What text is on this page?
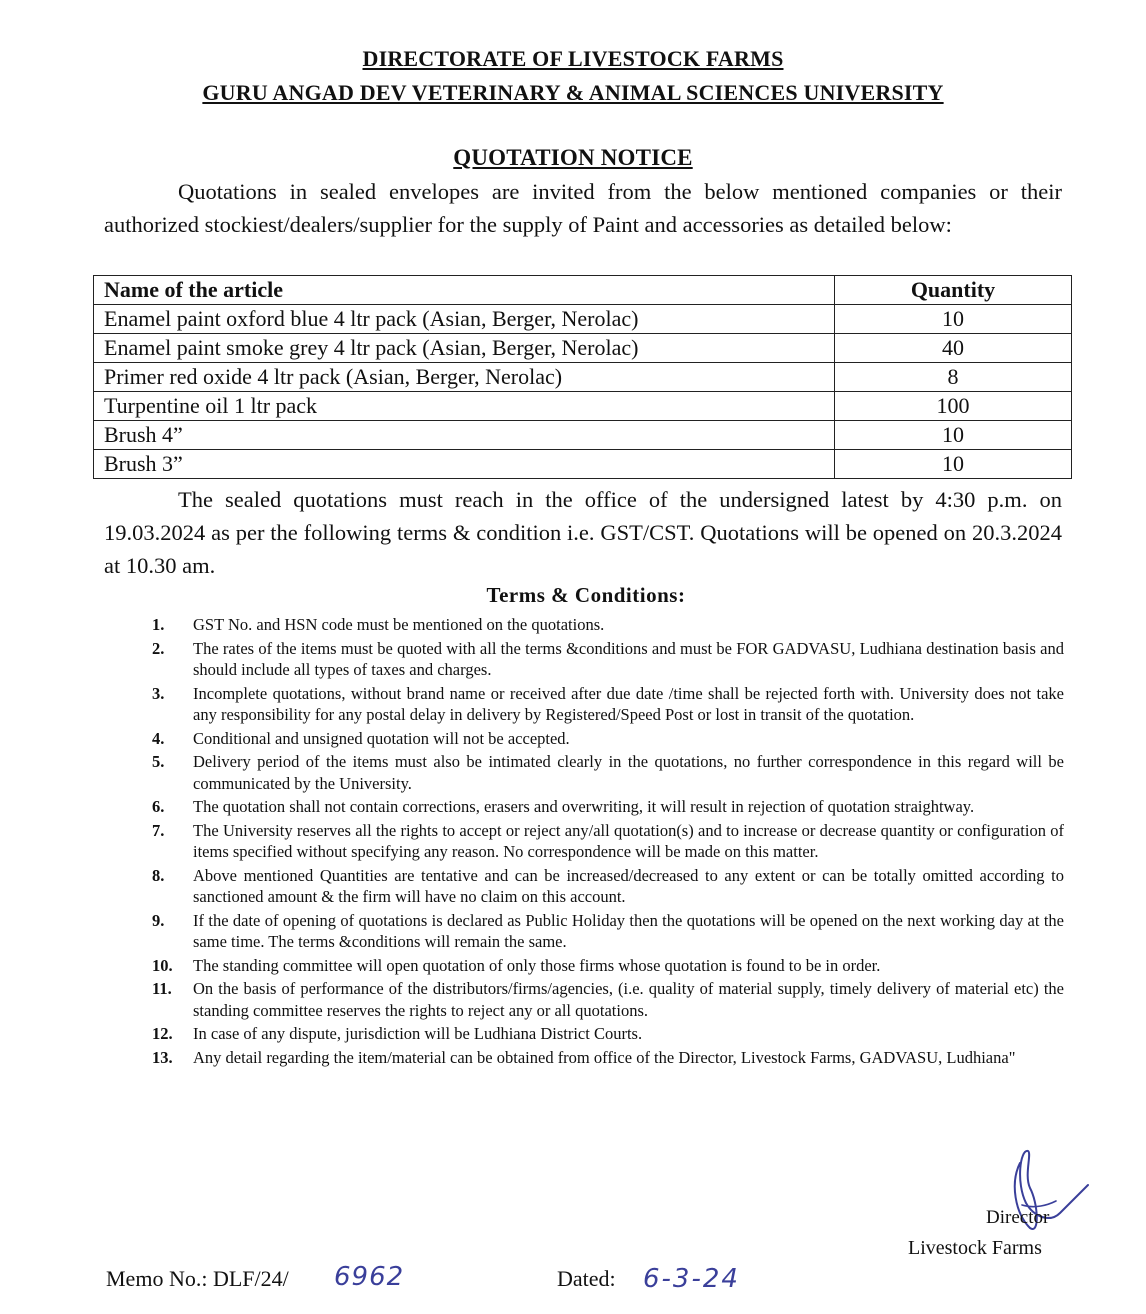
DIRECTORATE OF LIVESTOCK FARMS
GURU ANGAD DEV VETERINARY & ANIMAL SCIENCES UNIVERSITY
QUOTATION NOTICE
Quotations in sealed envelopes are invited from the below mentioned companies or their authorized stockiest/dealers/supplier for the supply of Paint and accessories as detailed below:
Name of the article	Quantity
Enamel paint oxford blue 4 ltr pack (Asian, Berger, Nerolac)	10
Enamel paint smoke grey 4 ltr pack (Asian, Berger, Nerolac)	40
Primer red oxide 4 ltr pack (Asian, Berger, Nerolac)	8
Turpentine oil 1 ltr pack	100
Brush 4”	10
Brush 3”	10
The sealed quotations must reach in the office of the undersigned latest by 4:30 p.m. on 19.03.2024 as per the following terms & condition i.e. GST/CST. Quotations will be opened on 20.3.2024 at 10.30 am.
Terms & Conditions:
1.	GST No. and HSN code must be mentioned on the quotations.
2.	The rates of the items must be quoted with all the terms &conditions and must be FOR GADVASU, Ludhiana destination basis and should include all types of taxes and charges.
3.	Incomplete quotations, without brand name or received after due date /time shall be rejected forth with. University does not take any responsibility for any postal delay in delivery by Registered/Speed Post or lost in transit of the quotation.
4.	Conditional and unsigned quotation will not be accepted.
5.	Delivery period of the items must also be intimated clearly in the quotations, no further correspondence in this regard will be communicated by the University.
6.	The quotation shall not contain corrections, erasers and overwriting, it will result in rejection of quotation straightway.
7.	The University reserves all the rights to accept or reject any/all quotation(s) and to increase or decrease quantity or configuration of items specified without specifying any reason. No correspondence will be made on this matter.
8.	Above mentioned Quantities are tentative and can be increased/decreased to any extent or can be totally omitted according to sanctioned amount & the firm will have no claim on this account.
9.	If the date of opening of quotations is declared as Public Holiday then the quotations will be opened on the next working day at the same time. The terms &conditions will remain the same.
10.	The standing committee will open quotation of only those firms whose quotation is found to be in order.
11.	On the basis of performance of the distributors/firms/agencies, (i.e. quality of material supply, timely delivery of material etc) the standing committee reserves the rights to reject any or all quotations.
12.	In case of any dispute, jurisdiction will be Ludhiana District Courts.
13.	Any detail regarding the item/material can be obtained from office of the Director, Livestock Farms, GADVASU, Ludhiana"
Director
Livestock Farms
Memo No.: DLF/24/ 6962	Dated: 6-3-24
